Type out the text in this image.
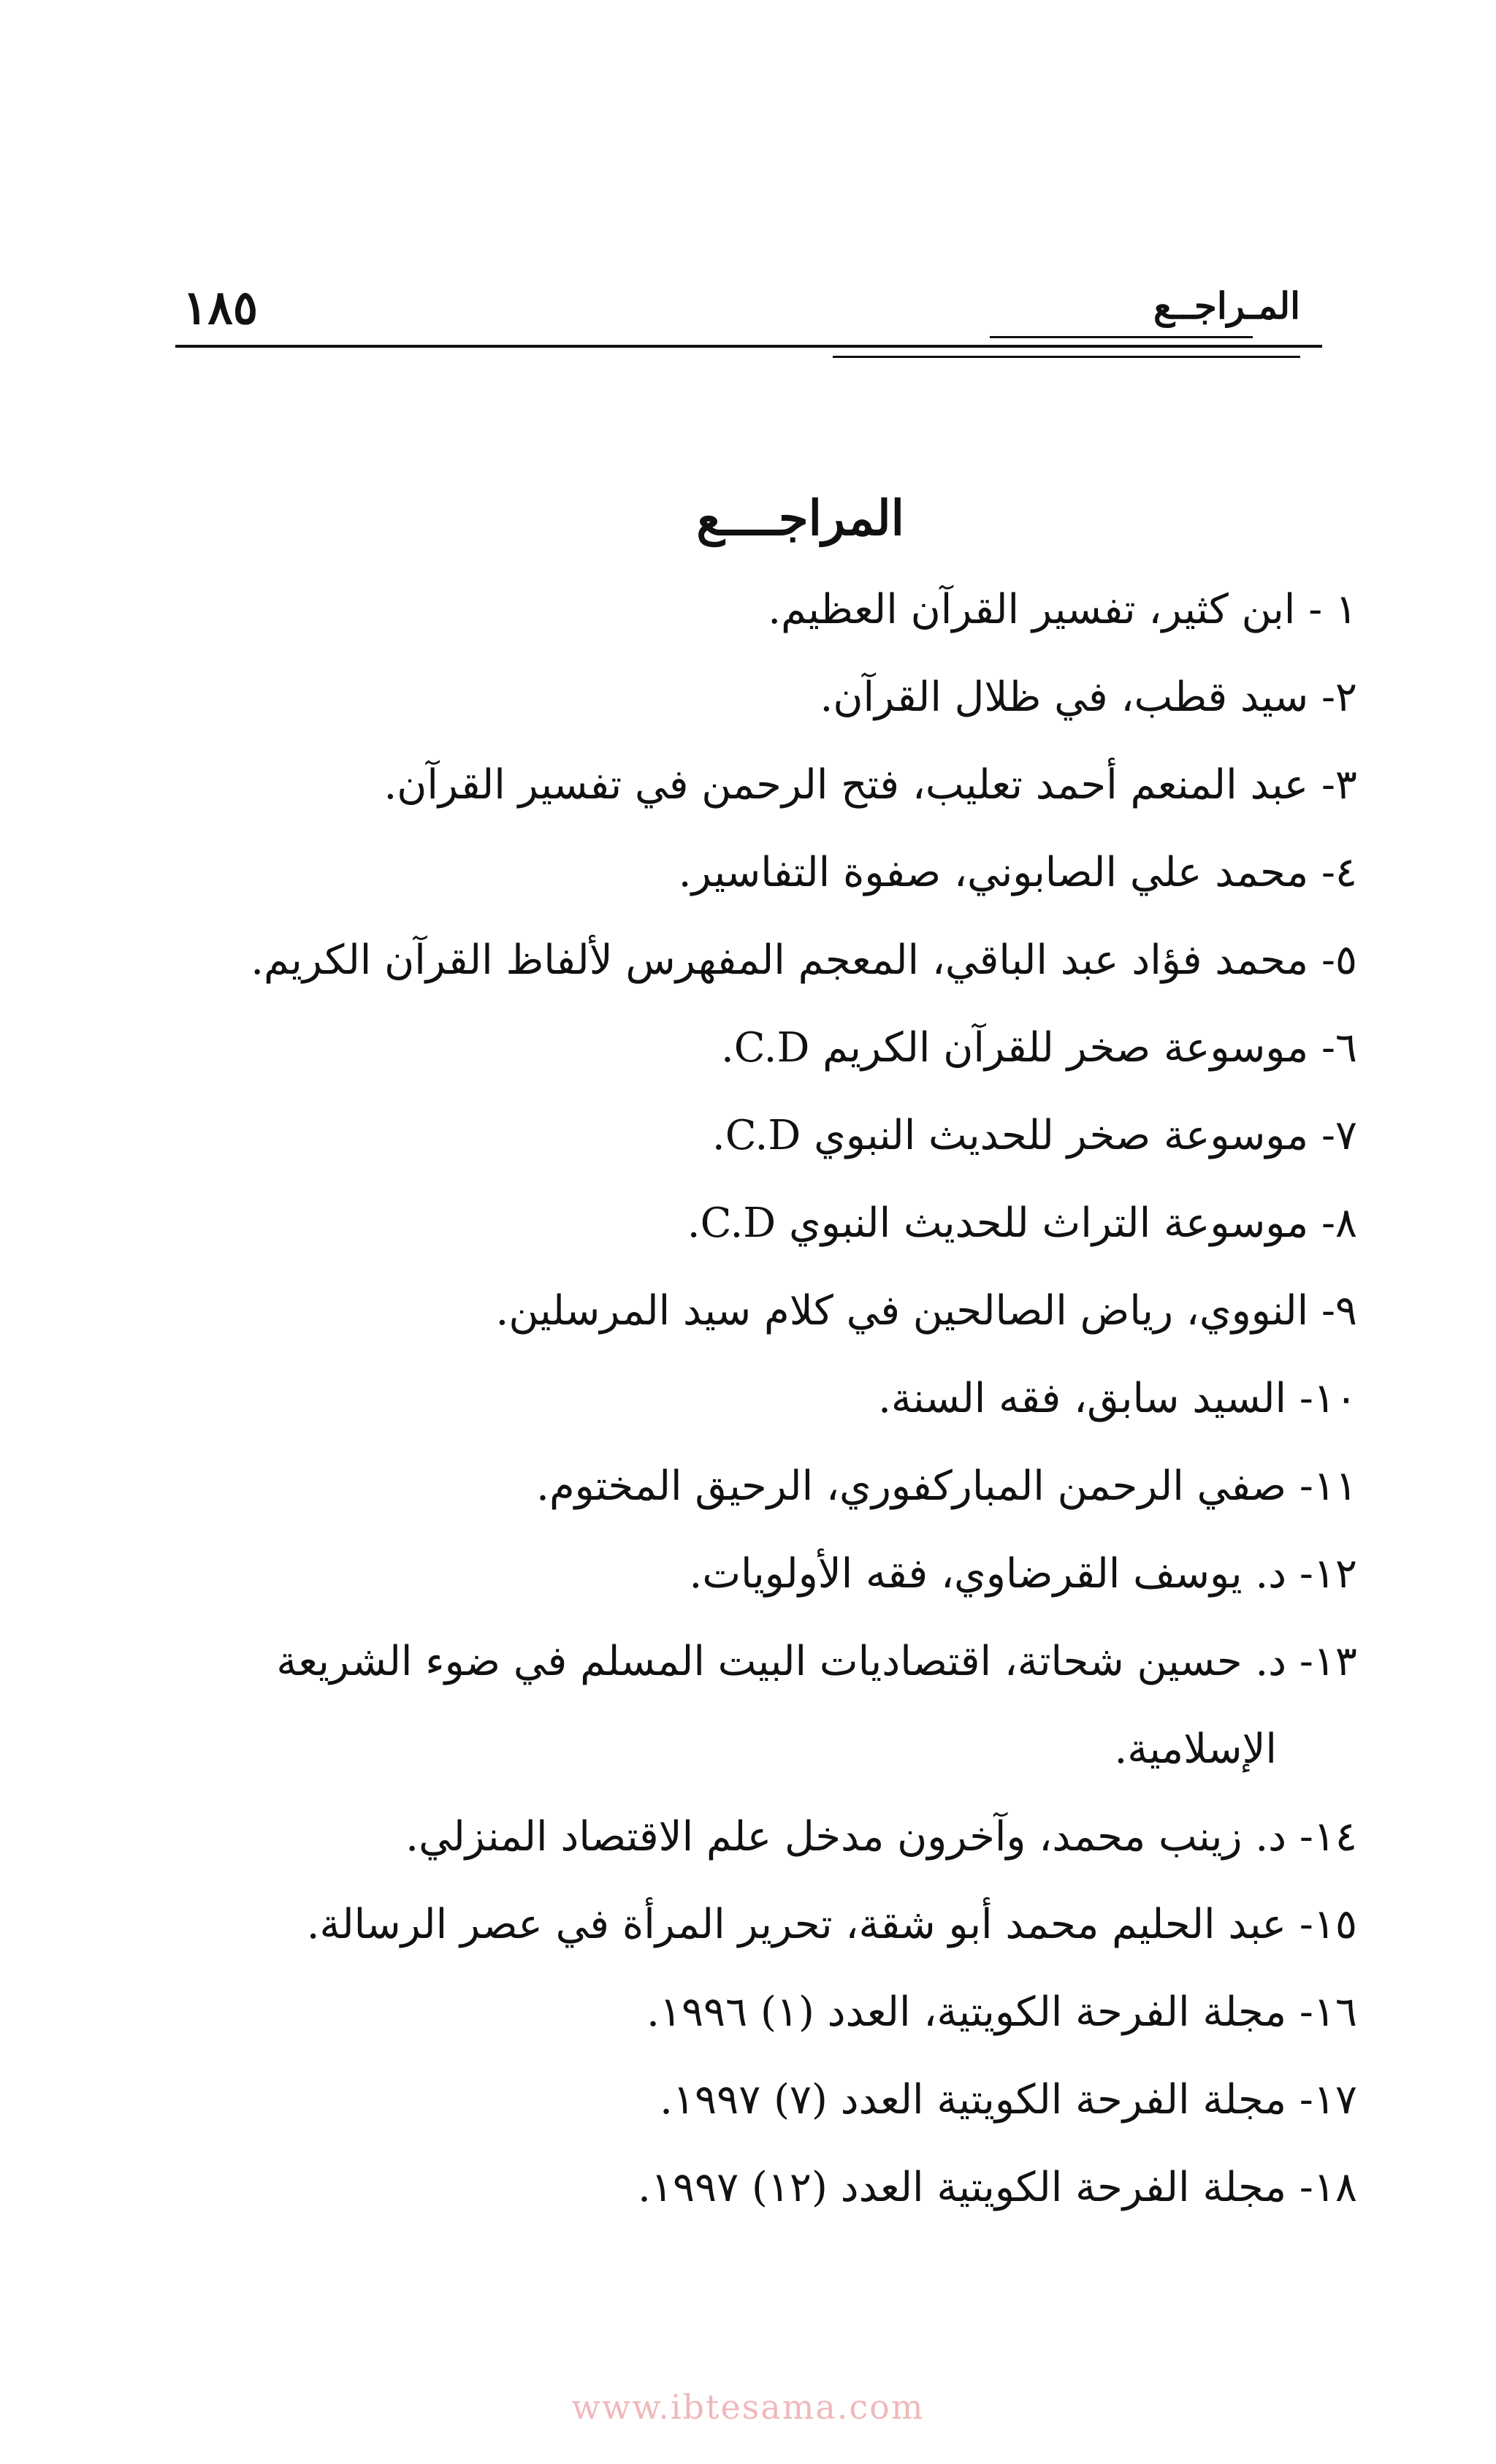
١٨٥	المـراجــع
المراجــــع
١ - ابن كثير، تفسير القرآن العظيم.
٢- سيد قطب، في ظلال القرآن.
٣- عبد المنعم أحمد تعليب، فتح الرحمن في تفسير القرآن.
٤- محمد علي الصابوني، صفوة التفاسير.
٥- محمد فؤاد عبد الباقي، المعجم المفهرس لألفاظ القرآن الكريم.
٦- موسوعة صخر للقرآن الكريم C.D.
٧- موسوعة صخر للحديث النبوي C.D.
٨- موسوعة التراث للحديث النبوي C.D.
٩- النووي، رياض الصالحين في كلام سيد المرسلين.
١٠- السيد سابق، فقه السنة.
١١- صفي الرحمن المباركفوري، الرحيق المختوم.
١٢- د. يوسف القرضاوي، فقه الأولويات.
١٣- د. حسين شحاتة، اقتصاديات البيت المسلم في ضوء الشريعة
الإسلامية.
١٤- د. زينب محمد، وآخرون مدخل علم الاقتصاد المنزلي.
١٥- عبد الحليم محمد أبو شقة، تحرير المرأة في عصر الرسالة.
١٦- مجلة الفرحة الكويتية، العدد (١) ١٩٩٦.
١٧- مجلة الفرحة الكويتية العدد (٧) ١٩٩٧.
١٨- مجلة الفرحة الكويتية العدد (١٢) ١٩٩٧.
www.ibtesama.com
